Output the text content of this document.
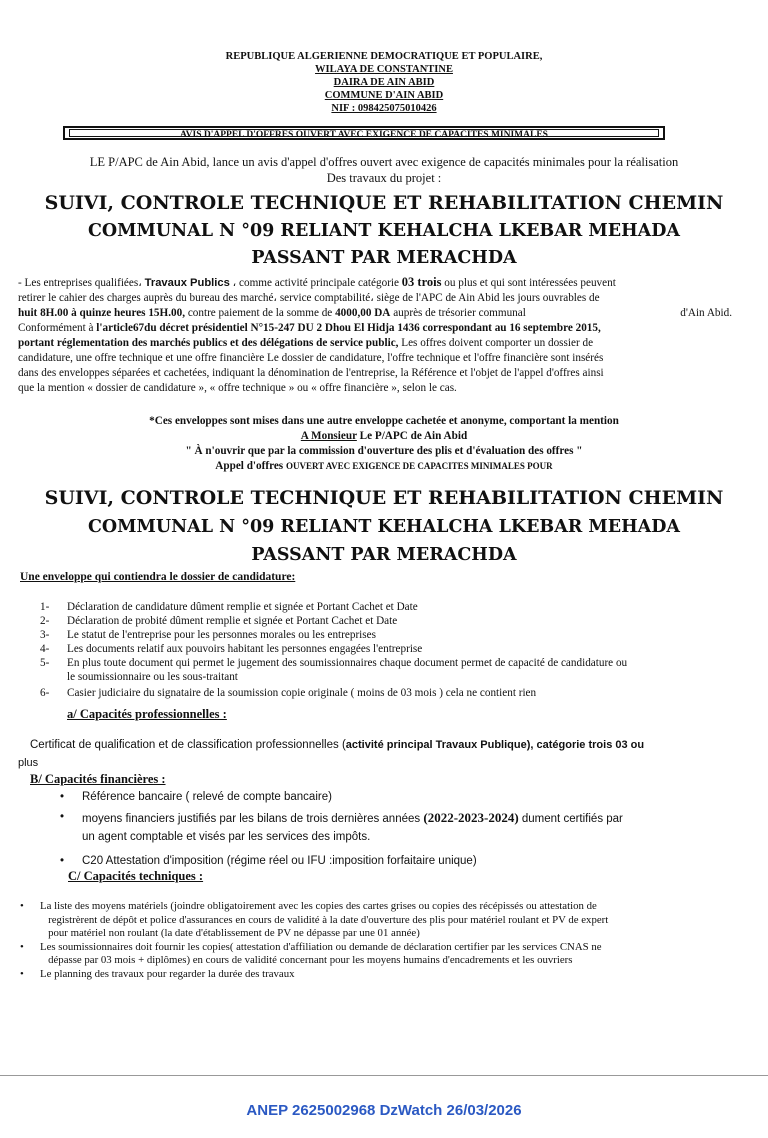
REPUBLIQUE ALGERIENNE DEMOCRATIQUE ET POPULAIRE,
WILAYA DE CONSTANTINE
DAIRA DE AIN ABID
COMMUNE D'AIN ABID
NIF : 098425075010426
AVIS D'APPEL D'OFFRES OUVERT AVEC EXIGENCE DE CAPACITES MINIMALES
LE P/APC de Ain Abid, lance un avis d'appel d'offres ouvert avec exigence de capacités minimales pour la réalisation
Des travaux du projet :
SUIVI, CONTROLE TECHNIQUE ET REHABILITATION CHEMIN
COMMUNAL N °09 RELIANT KEHALCHA LKEBAR MEHADA
PASSANT PAR MERACHDA
- Les entreprises qualifiées، Travaux Publics ، comme activité principale catégorie 03 trois ou plus et qui sont intéressées peuvent
retirer le cahier des charges auprès du bureau des marché، service comptabilité، siège de l'APC de Ain Abid les jours ouvrables de
huit 8H.00 à quinze heures 15H.00, contre paiement de la somme de 4000,00 DA auprès de trésorier communal	d'Ain Abid.
Conformément à l'article67du décret présidentiel N°15-247 DU 2 Dhou El Hidja 1436 correspondant au 16 septembre 2015,
portant réglementation des marchés publics et des délégations de service public, Les offres doivent comporter un dossier de
candidature, une offre technique et une offre financière Le dossier de candidature, l'offre technique et l'offre financière sont insérés
dans des enveloppes séparées et cachetées, indiquant la dénomination de l'entreprise, la Référence et l'objet de l'appel d'offres ainsi
que la mention « dossier de candidature », « offre technique » ou « offre financière », selon le cas.
*Ces enveloppes sont mises dans une autre enveloppe cachetée et anonyme, comportant la mention
A Monsieur Le P/APC de Ain Abid
" À n'ouvrir que par la commission d'ouverture des plis et d'évaluation des offres "
Appel d'offres OUVERT AVEC EXIGENCE DE CAPACITES MINIMALES POUR
SUIVI, CONTROLE TECHNIQUE ET REHABILITATION CHEMIN
COMMUNAL N °09 RELIANT KEHALCHA LKEBAR MEHADA
PASSANT PAR MERACHDA
Une enveloppe qui contiendra le dossier de candidature:
1-	Déclaration de candidature dûment remplie et signée et Portant Cachet et Date
2-	Déclaration de probité dûment remplie et signée et Portant Cachet et Date
3-	Le statut de l'entreprise pour les personnes morales ou les entreprises
4-	Les documents relatif aux pouvoirs habitant les personnes engagées l'entreprise
5-	En plus toute document qui permet le jugement des soumissionnaires chaque document permet de capacité de candidature ou
le soumissionnaire ou les sous-traitant
6-	Casier judiciaire du signataire de la soumission copie originale ( moins de 03 mois ) cela ne contient rien
a/ Capacités professionnelles :
Certificat de qualification et de classification professionnelles (activité principal Travaux Publique), catégorie trois 03 ou
plus
B/ Capacités financières :
•	Référence bancaire ( relevé de compte bancaire)
•	moyens financiers justifiés par les bilans de trois dernières années (2022-2023-2024) dument certifiés par
un agent comptable et visés par les services des impôts.
•	C20 Attestation d'imposition (régime réel ou IFU :imposition forfaitaire unique)
C/ Capacités techniques :
•	La liste des moyens matériels (joindre obligatoirement avec les copies des cartes grises ou copies des récépissés ou attestation de
registrèrent de dépôt et police d'assurances en cours de validité à la date d'ouverture des plis pour matériel roulant et PV de expert
pour matériel non roulant (la date d'établissement de PV ne dépasse par une 01 année)
•	Les soumissionnaires doit fournir les copies( attestation d'affiliation ou demande de déclaration certifier par les services CNAS ne
dépasse par 03 mois + diplômes) en cours de validité concernant pour les moyens humains d'encadrements et les ouvriers
•	Le planning des travaux pour regarder la durée des travaux
ANEP 2625002968 DzWatch 26/03/2026
